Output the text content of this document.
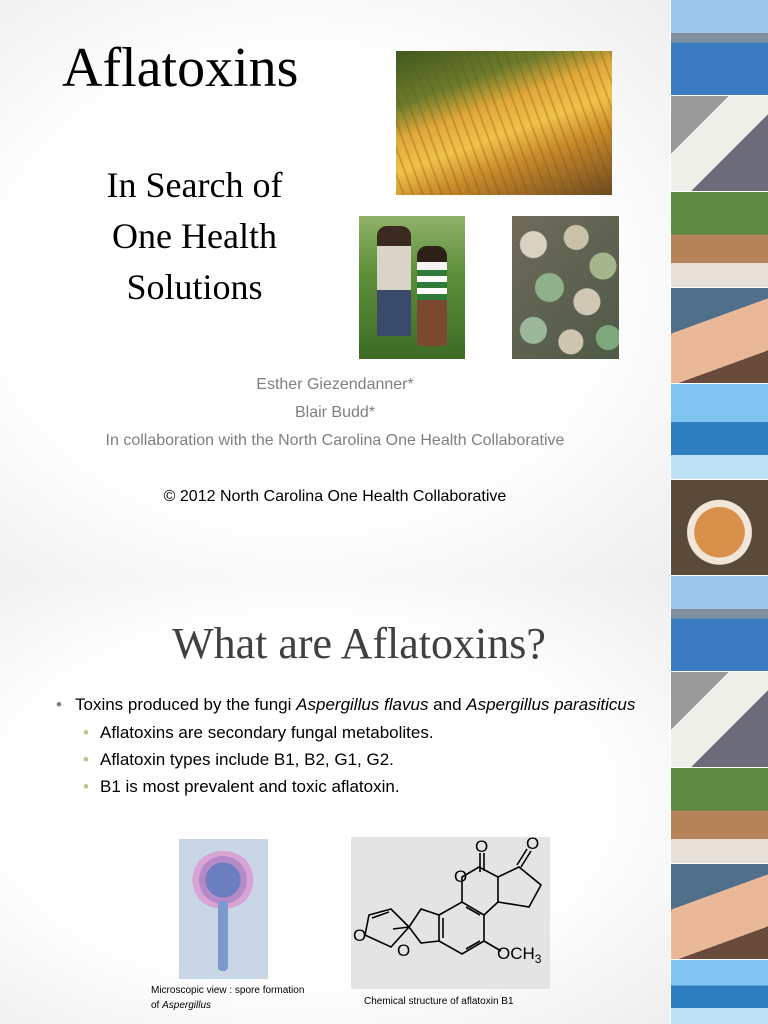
Aflatoxins
In Search of
One Health
Solutions
Esther Giezendanner*
Blair Budd*
In collaboration with the North Carolina One Health Collaborative
© 2012 North Carolina One Health Collaborative
What are Aflatoxins?
• Toxins produced by the fungi Aspergillus flavus and Aspergillus parasiticus
• Aflatoxins are secondary fungal metabolites.
• Aflatoxin types include B1, B2, G1, G2.
• B1 is most prevalent and toxic aflatoxin.
O O
O
O
O	$OCH_3$
Microscopic view : spore formation of Aspergillus	Chemical structure of aflatoxin B1
